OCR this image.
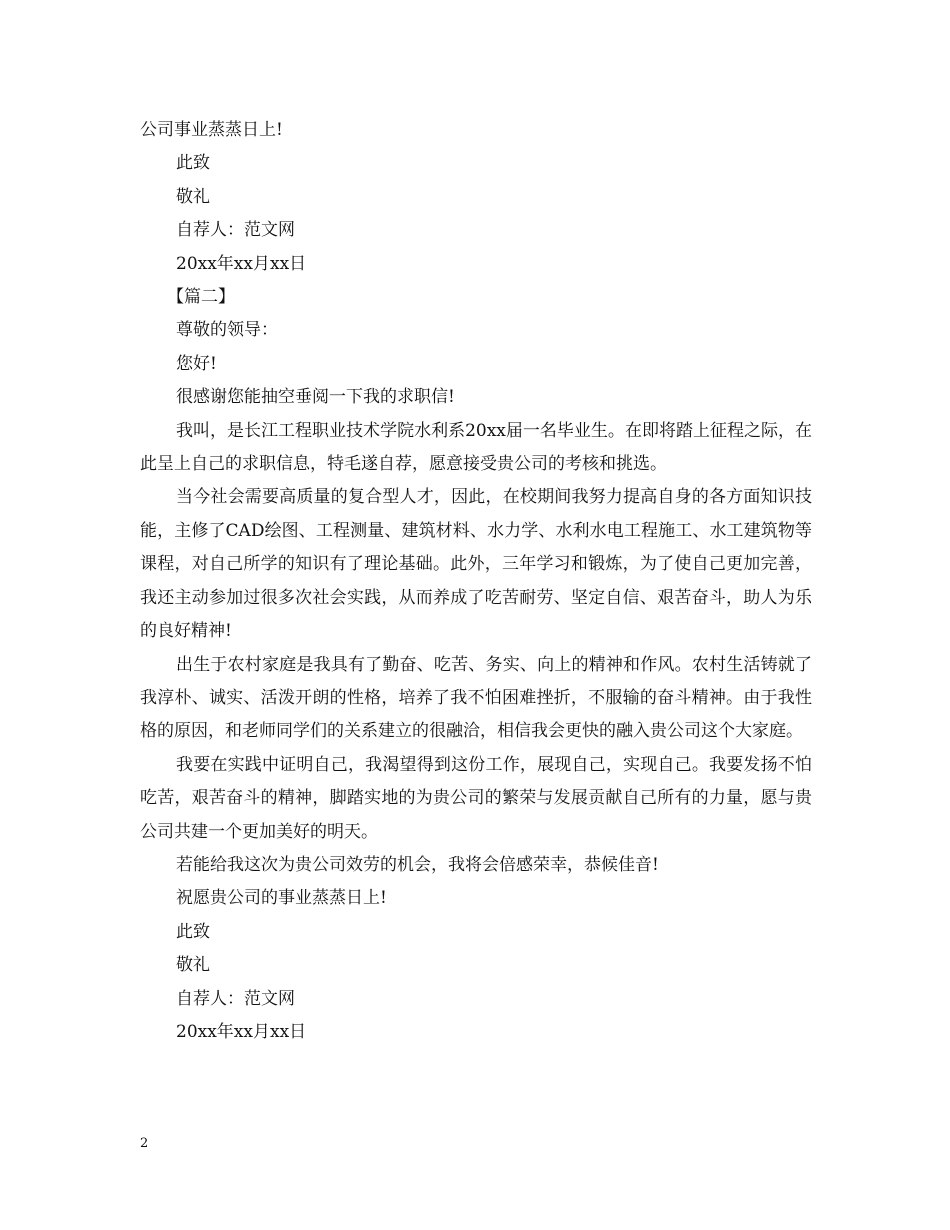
公司事业蒸蒸日上!
此致
敬礼
自荐人：范文网
20xx年xx月xx日
【篇二】
尊敬的领导：
您好!
很感谢您能抽空垂阅一下我的求职信!
我叫，是长江工程职业技术学院水利系20xx届一名毕业生。在即将踏上征程之际，在此呈上自己的求职信息，特毛遂自荐，愿意接受贵公司的考核和挑选。
当今社会需要高质量的复合型人才，因此，在校期间我努力提高自身的各方面知识技能，主修了CAD绘图、工程测量、建筑材料、水力学、水利水电工程施工、水工建筑物等课程，对自己所学的知识有了理论基础。此外，三年学习和锻炼，为了使自己更加完善，我还主动参加过很多次社会实践，从而养成了吃苦耐劳、坚定自信、艰苦奋斗，助人为乐的良好精神!
出生于农村家庭是我具有了勤奋、吃苦、务实、向上的精神和作风。农村生活铸就了我淳朴、诚实、活泼开朗的性格，培养了我不怕困难挫折，不服输的奋斗精神。由于我性格的原因，和老师同学们的关系建立的很融洽，相信我会更快的融入贵公司这个大家庭。
我要在实践中证明自己，我渴望得到这份工作，展现自己，实现自己。我要发扬不怕吃苦，艰苦奋斗的精神，脚踏实地的为贵公司的繁荣与发展贡献自己所有的力量，愿与贵公司共建一个更加美好的明天。
若能给我这次为贵公司效劳的机会，我将会倍感荣幸，恭候佳音!
祝愿贵公司的事业蒸蒸日上!
此致
敬礼
自荐人：范文网
20xx年xx月xx日
2
